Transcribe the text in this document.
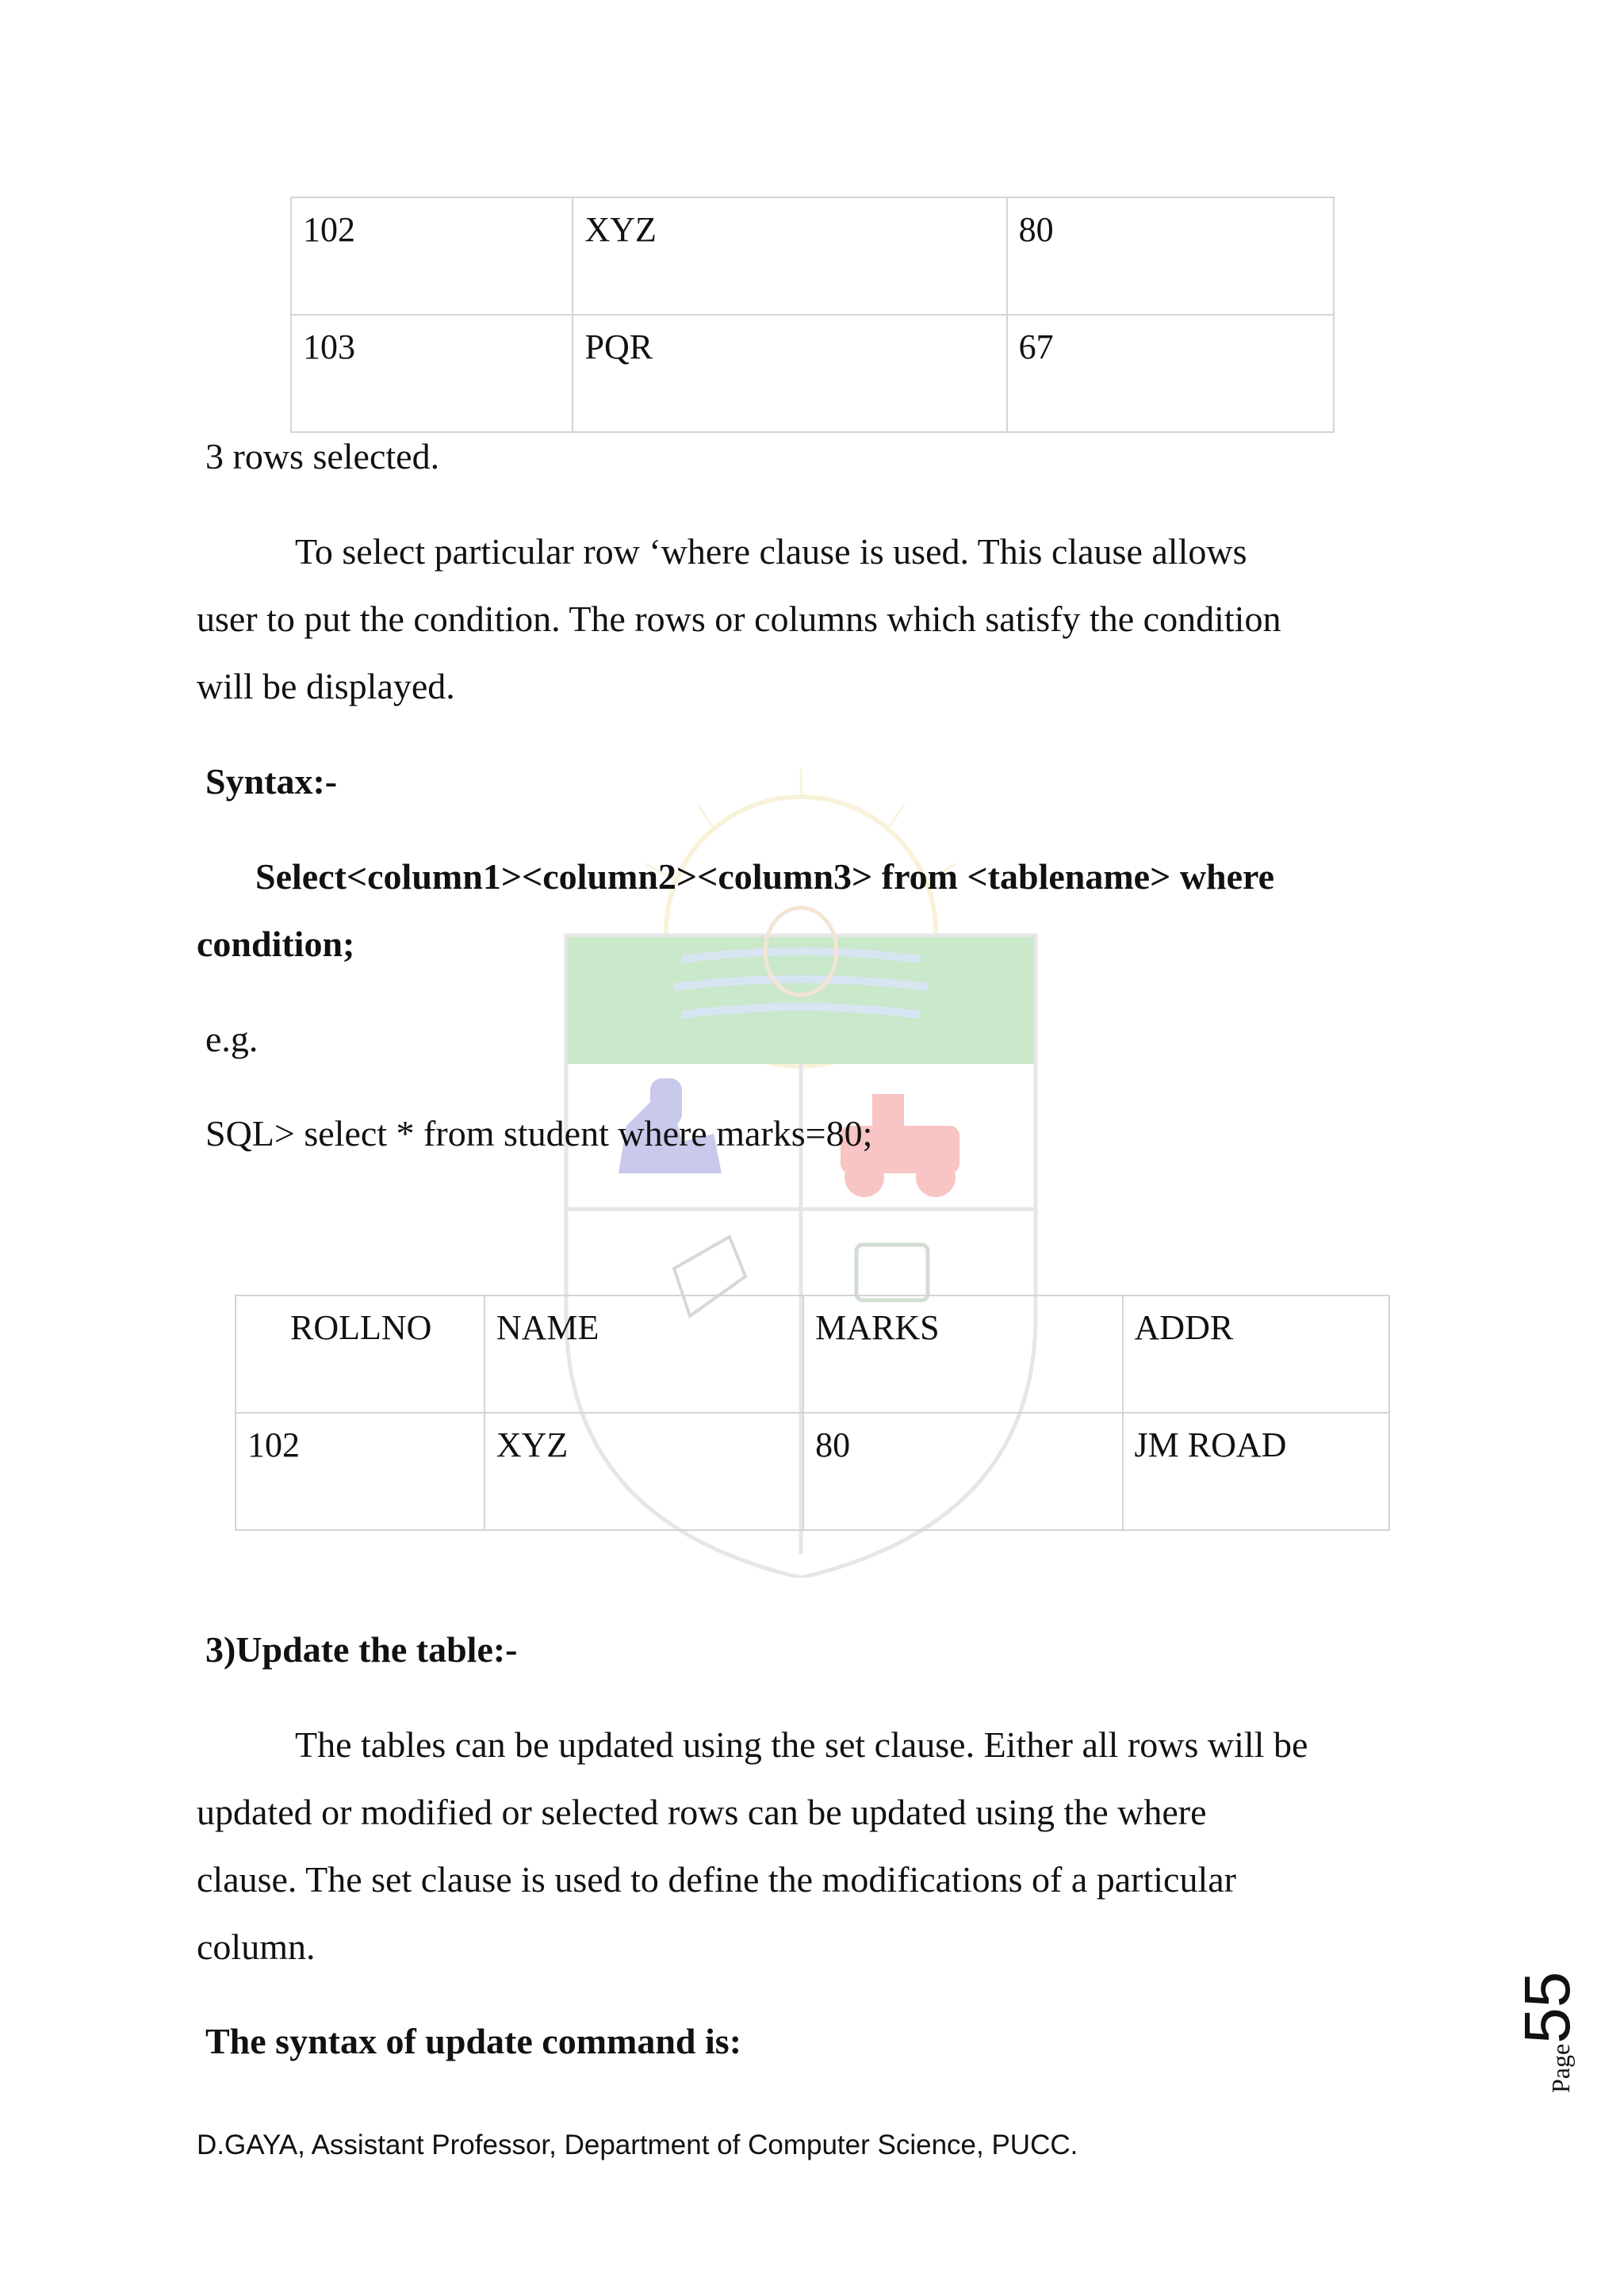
102	XYZ	80
103	PQR	67
3 rows selected.
To select particular row ‘where clause is used. This clause allows
user to put the condition. The rows or columns which satisfy the condition
will be displayed.
Syntax:-
Select<column1><column2><column3> from <tablename> where
condition;
e.g.
SQL> select * from student where marks=80;
ROLLNO	NAME	MARKS	ADDR
102	XYZ	80	JM ROAD
3)Update the table:-
The tables can be updated using the set clause. Either all rows will be
updated or modified or selected rows can be updated using the where
clause. The set clause is used to define the modifications of a particular
column.
The syntax of update command is:
D.GAYA, Assistant Professor, Department of Computer Science, PUCC.
Page55
